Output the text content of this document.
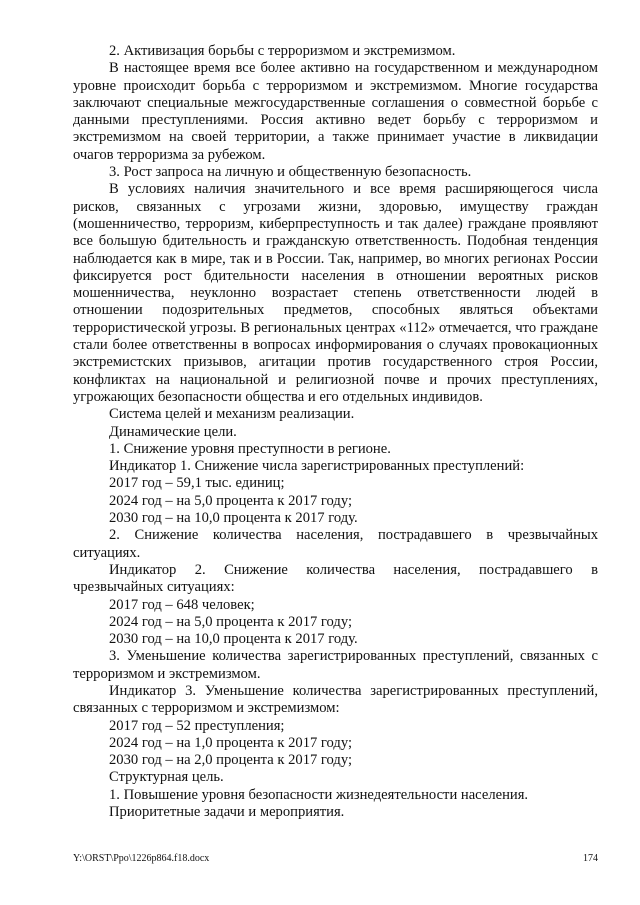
2. Активизация борьбы с терроризмом и экстремизмом.

В настоящее время все более активно на государственном и международном уровне происходит борьба с терроризмом и экстремизмом. Многие государства заключают специальные межгосударственные соглашения о совместной борьбе с данными преступлениями. Россия активно ведет борьбу с терроризмом и экстремизмом на своей территории, а также принимает участие в ликвидации очагов терроризма за рубежом.

3. Рост запроса на личную и общественную безопасность.

В условиях наличия значительного и все время расширяющегося числа рисков, связанных с угрозами жизни, здоровью, имуществу граждан (мошенничество, терроризм, киберпреступность и так далее) граждане проявляют все большую бдительность и гражданскую ответственность. Подобная тенденция наблюдается как в мире, так и в России. Так, например, во многих регионах России фиксируется рост бдительности населения в отношении вероятных рисков мошенничества, неуклонно возрастает степень ответственности людей в отношении подозрительных предметов, способных являться объектами террористической угрозы. В региональных центрах «112» отмечается, что граждане стали более ответственны в вопросах информирования о случаях провокационных экстремистских призывов, агитации против государственного строя России, конфликтах на национальной и религиозной почве и прочих преступлениях, угрожающих безопасности общества и его отдельных индивидов.

Система целей и механизм реализации.

Динамические цели.

1. Снижение уровня преступности в регионе.

Индикатор 1. Снижение числа зарегистрированных преступлений:

2017 год – 59,1 тыс. единиц;

2024 год – на 5,0 процента к 2017 году;

2030 год – на 10,0 процента к 2017 году.

2. Снижение количества населения, пострадавшего в чрезвычайных ситуациях.

Индикатор 2. Снижение количества населения, пострадавшего в чрезвычайных ситуациях:

2017 год – 648 человек;

2024 год – на 5,0 процента к 2017 году;

2030 год – на 10,0 процента к 2017 году.

3. Уменьшение количества зарегистрированных преступлений, связанных с терроризмом и экстремизмом.

Индикатор 3. Уменьшение количества зарегистрированных преступлений, связанных с терроризмом и экстремизмом:

2017 год – 52 преступления;

2024 год – на 1,0 процента к 2017 году;

2030 год – на 2,0 процента к 2017 году;

Структурная цель.

1. Повышение уровня безопасности жизнедеятельности населения.

Приоритетные задачи и мероприятия.

Y:\ORST\Ppo\1226p864.f18.docx	174
